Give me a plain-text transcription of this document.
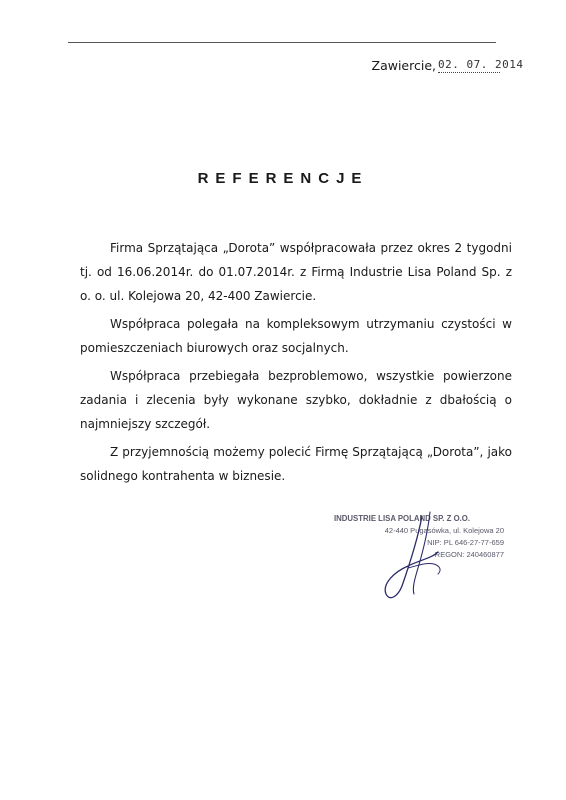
Zawiercie, 02. 07. 2014
REFERENCJE

Firma Sprzątająca „Dorota” współpracowała przez okres 2 tygodni tj. od 16.06.2014r. do 01.07.2014r. z Firmą Industrie Lisa Poland Sp. z o. o. ul. Kolejowa 20, 42-400 Zawiercie.

Współpraca polegała na kompleksowym utrzymaniu czystości w pomieszczeniach biurowych oraz socjalnych.

Współpraca przebiegała bezproblemowo, wszystkie powierzone zadania i zlecenia były wykonane szybko, dokładnie z dbałością o najmniejszy szczegół.

Z przyjemnością możemy polecić Firmę Sprzątającą „Dorota”, jako solidnego kontrahenta w biznesie.

INDUSTRIE LISA POLAND SP. Z O.O.
42-440 Pugasówka, ul. Kolejowa 20
NIP: PL 646-27-77-659
REGON: 240460877
